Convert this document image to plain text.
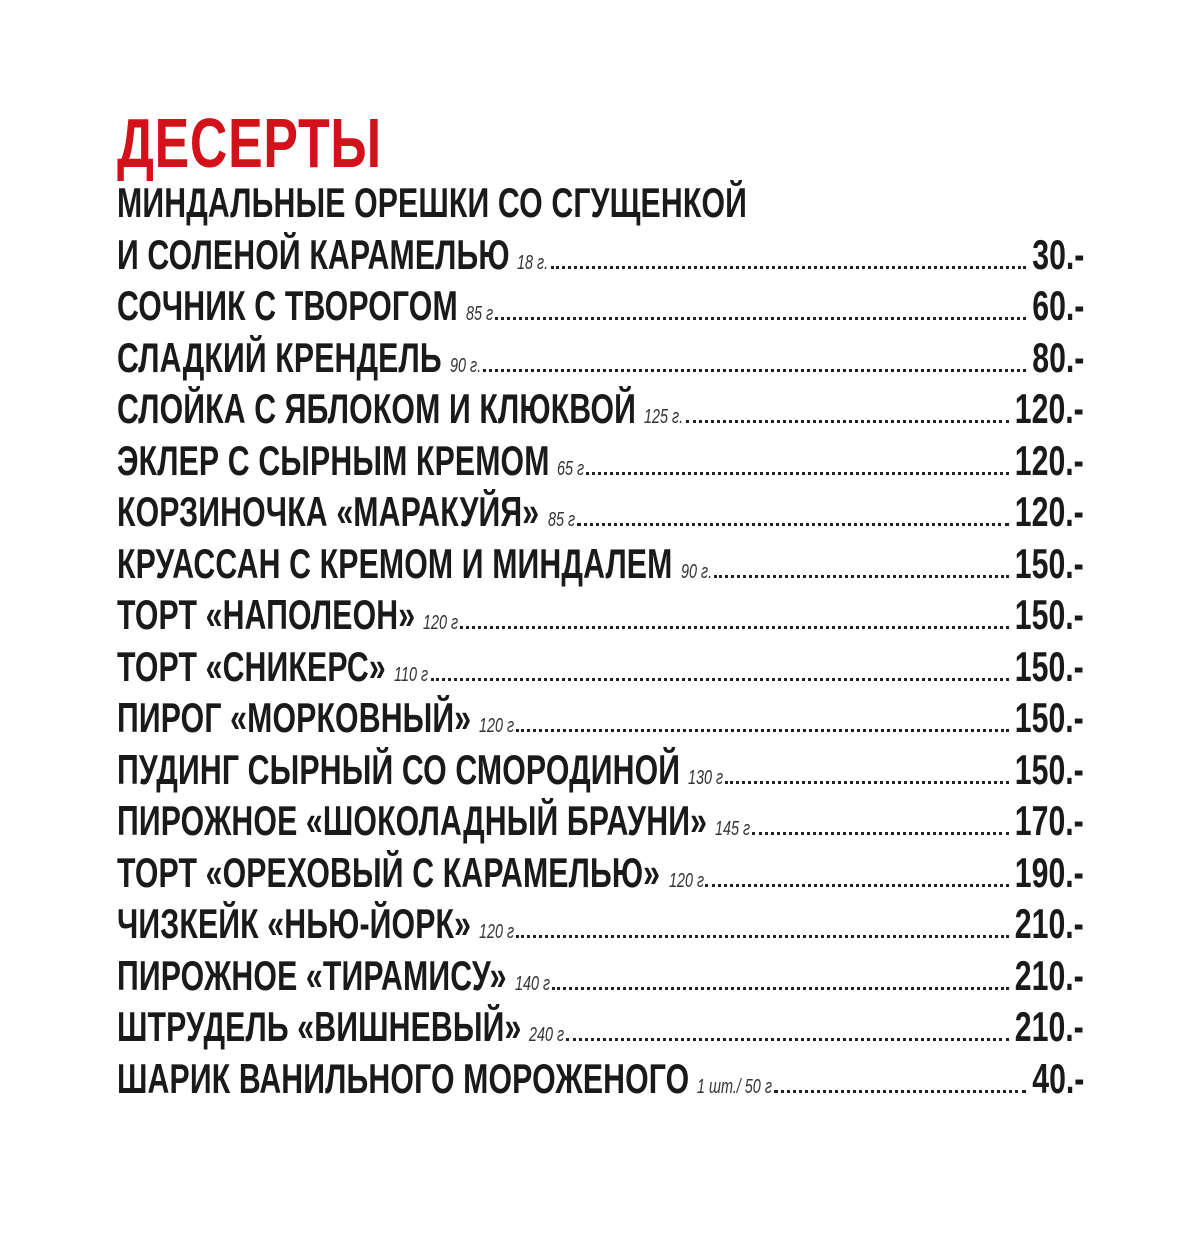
ДЕСЕРТЫ
МИНДАЛЬНЫЕ ОРЕШКИ СО СГУЩЕНКОЙ
И СОЛЕНОЙ КАРАМЕЛЬЮ 18 г.	30.-
СОЧНИК С ТВОРОГОМ 85 г	60.-
СЛАДКИЙ КРЕНДЕЛЬ 90 г.	80.-
СЛОЙКА С ЯБЛОКОМ И КЛЮКВОЙ 125 г.	120.-
ЭКЛЕР С СЫРНЫМ КРЕМОМ 65 г	120.-
КОРЗИНОЧКА «МАРАКУЙЯ» 85 г	120.-
КРУАССАН С КРЕМОМ И МИНДАЛЕМ 90 г.	150.-
ТОРТ «НАПОЛЕОН» 120 г	150.-
ТОРТ «СНИКЕРС» 110 г	150.-
ПИРОГ «МОРКОВНЫЙ» 120 г	150.-
ПУДИНГ СЫРНЫЙ СО СМОРОДИНОЙ 130 г	150.-
ПИРОЖНОЕ «ШОКОЛАДНЫЙ БРАУНИ» 145 г	170.-
ТОРТ «ОРЕХОВЫЙ С КАРАМЕЛЬЮ» 120 г	190.-
ЧИЗКЕЙК «НЬЮ-ЙОРК» 120 г	210.-
ПИРОЖНОЕ «ТИРАМИСУ» 140 г	210.-
ШТРУДЕЛЬ «ВИШНЕВЫЙ» 240 г	210.-
ШАРИК ВАНИЛЬНОГО МОРОЖЕНОГО 1 шт./ 50 г	40.-
